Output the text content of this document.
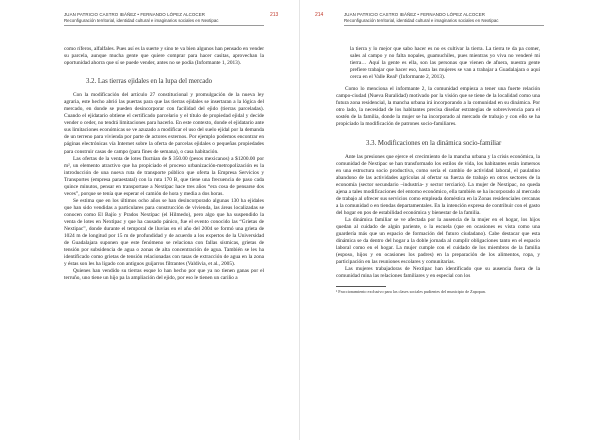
JUAN PATRICIO CASTRO IBÁÑEZ • FERNANDO LÓPEZ ALCOCER
Reconfiguración territorial, identidad cultural e imaginarios sociales en Nextipac
213

como ríferos, alfalfales. Pues así es la suerte y sino te va bien algunos han pensado en vender su parcela, aunque mucha gente que quiere comprar para hacer casitas, aprovechan la oportunidad ahorra que sí se puede vender, antes no se podía (Informante 1, 2013).

3.2. Las tierras ejidales en la lupa del mercado

Con la modificación del artículo 27 constitucional y promulgación de la nueva ley agraria, este hecho abrió las puertas para que las tierras ejidales se insertaran a la lógica del mercado, en donde se pueden desincorporar con facilidad del ejido (tierras parceladas). Cuando el ejidatario obtiene el certificado parcelario y el título de propiedad ejidal y decide vender o ceder, no tendrá limitaciones para hacerlo. En este contexto, donde el ejidatario ante sus limitaciones económicas se ve azuzado a modificar el uso del suelo ejidal por la demanda de un terreno para vivienda por parte de actores externos. Por ejemplo podemos encontrar en páginas electrónicas vía Internet sobre la oferta de parcelas ejidales o pequeñas propiedades para construir casas de campo (para fines de semana), o casa habitación.

Las ofertas de la venta de lotes fluctúan de $ 350.00 (pesos mexicanos) a $1200.00 por m², un elemento atractivo que ha propiciado el proceso urbanización-metropolización es la introducción de una nueva ruta de transporte público que oferta la Empresa Servicios y Transportes (empresa paraestatal) con la ruta 170 B, que tiene una frecuencia de paso cada quince minutos, pensar en transportase a Nextipac hace tres años “era cosa de pensarse dos veces”, porque se tenía que esperar el camión de hora y media a dos horas.

Se estima que en los últimos ocho años se han desincorporado algunas 130 ha ejidales que han sido vendidas a particulares para construcción de vivienda, las áreas localizadas se conocen como El Bajío y Prados Nextipac (el Hilmedo), pero algo que ha suspendido la venta de lotes en Nextipac y que ha causado pánico, fue el evento conocido las “Grietas de Nextipac”, donde durante el temporal de lluvias en el año del 2004 se formó una grieta de 1024 m de longitud por 15 m de profundidad y de acuerdo a los expertos de la Universidad de Guadalajara suponen que este fenómeno se relaciona con fallas sísmicas, grietas de tensión por subsidencia de agua o zonas de alta concentración de agua. También se les ha identificado como grietas de tensión relacionadas con tasas de extracción de agua en la zona y éstas son les ha ligado con antiguos guijarros filtrantes (Valdivia, et al., 2005).

Quienes han vendido su tierras esque lo han hecho por que ya no tienen ganas por el terruño, uno tiene un hijo pa la ampliación del ejido, por eso le tienen un cariño a

214	JUAN PATRICIO CASTRO IBÁÑEZ • FERNANDO LÓPEZ ALCOCER
Reconfiguración territorial, identidad cultural e imaginarios sociales en Nextipac

la tierra y lo mejor que sabo hacer es no es cultivar la tierra. La tierra te da pa comer, sales al campo y no falta nopales, guamuchiles, pues mientras yo viva no venderé mi tierra… Aquí la gente es ella, son las personas que vienen de afuera, nuestra gente prefiere trabajar que hacer eso, hasta las mujeres se van a trabajar a Guadalajara o aquí cerca en el Valle Real¹ (Informante 2, 2013).

Como lo menciona el informante 2, la comunidad empieza a tener una fuerte relación campo-ciudad (Nueva Ruralidad) motivado por la visión que se tiene de la localidad como una futura zona residencial, la mancha urbana irá incorporando a la comunidad en su dinámica. Por otro lado, la necesidad de los habitantes precisa diseñar estrategias de sobrevivencia para el sostén de la familia, donde la mujer se ha incorporado al mercado de trabajo y con ello se ha propiciado la modificación de patrones socio-familiares.

3.3. Modificaciones en la dinámica socio-familiar

Ante las presiones que ejerce el crecimiento de la mancha urbana y la crisis económica, la comunidad de Nextipac se han transformado los estilos de vida, los habitantes están inmersos en una estructura socio productiva, como sería el cambio de actividad laboral, el paulatino abandono de las actividades agrícolas al ofertar su fuerza de trabajo en otros sectores de la economía (sector secundario –industria- y sector terciario). La mujer de Nextipac, no queda ajena a tales modificaciones del entorno económico, ella también se ha incorporado al mercado de trabajo al ofrecer sus servicios como empleada doméstica en la Zonas residenciales cercanas a la comunidad o en tiendas departamentales. En la intención expresa de contribuir con el gasto del hogar en pos de estabilidad económica y bienestar de la familia.

La dinámica familiar se ve afectada por la ausencia de la mujer en el hogar, los hijos quedan al cuidado de algún pariente, o la escuela (que en ocasiones es vista como una guardería más que un espacio de formación del futuro ciudadano). Cabe destacar que esta dinámica se da dentro del hogar a la doble jornada al cumplir obligaciones tanto en el espacio laboral como en el hogar. La mujer cumple con el cuidado de los miembros de la familia (esposo, hijos y en ocasiones los padres) en la preparación de los alimentos, ropa, y participación en las reuniones escolares y comunitarias.

Las mujeres trabajadoras de Nextipac han identificado que su ausencia fuera de la comunidad mina las relaciones familiares y en especial con los

¹ Fraccionamiento exclusivo para las clases sociales pudientes del municipio de Zapopan.
